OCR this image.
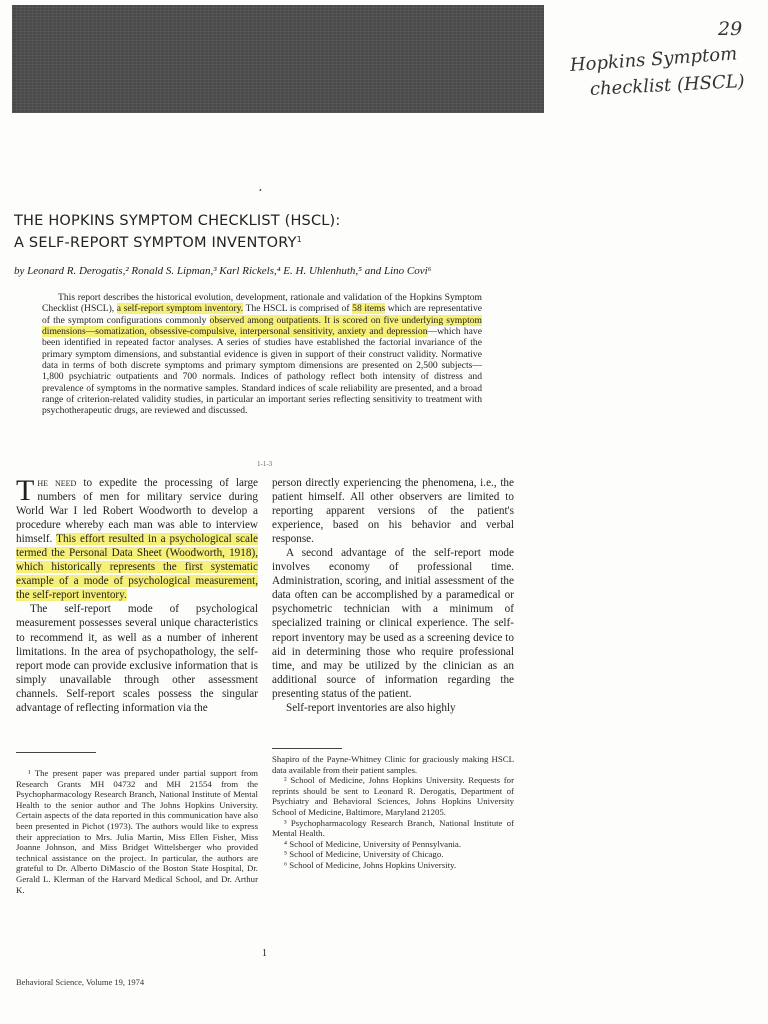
29
Hopkins Symptom
checklist (HSCL)
•
THE HOPKINS SYMPTOM CHECKLIST (HSCL):
A SELF-REPORT SYMPTOM INVENTORY$^1$
by Leonard R. Derogatis,² Ronald S. Lipman,³ Karl Rickels,⁴ E. H. Uhlenhuth,⁵ and Lino Covi⁶

This report describes the historical evolution, development, rationale and validation of the Hopkins Symptom Checklist (HSCL), a self-report symptom inventory. The HSCL is comprised of 58 items which are representative of the symptom configurations commonly observed among outpatients. It is scored on five underlying symptom dimensions—somatization, obsessive-compulsive, interpersonal sensitivity, anxiety and depression—which have been identified in repeated factor analyses. A series of studies have established the factorial invariance of the primary symptom dimensions, and substantial evidence is given in support of their construct validity. Normative data in terms of both discrete symptoms and primary symptom dimensions are presented on 2,500 subjects—1,800 psychiatric outpatients and 700 normals. Indices of pathology reflect both intensity of distress and prevalence of symptoms in the normative samples. Standard indices of scale reliability are presented, and a broad range of criterion-related validity studies, in particular an important series reflecting sensitivity to treatment with psychotherapeutic drugs, are reviewed and discussed.

1-1-3

The need to expedite the processing of large numbers of men for military service during World War I led Robert Woodworth to develop a procedure whereby each man was able to interview himself. This effort resulted in a psychological scale termed the Personal Data Sheet (Woodworth, 1918), which historically represents the first systematic example of a mode of psychological measurement, the self-report inventory.

The self-report mode of psychological measurement possesses several unique characteristics to recommend it, as well as a number of inherent limitations. In the area of psychopathology, the self-report mode can provide exclusive information that is simply unavailable through other assessment channels. Self-report scales possess the singular advantage of reflecting information via the

person directly experiencing the phenomena, i.e., the patient himself. All other observers are limited to reporting apparent versions of the patient's experience, based on his behavior and verbal response.

A second advantage of the self-report mode involves economy of professional time. Administration, scoring, and initial assessment of the data often can be accomplished by a paramedical or psychometric technician with a minimum of specialized training or clinical experience. The self-report inventory may be used as a screening device to aid in determining those who require professional time, and may be utilized by the clinician as an additional source of information regarding the presenting status of the patient.

Self-report inventories are also highly

¹ The present paper was prepared under partial support from Research Grants MH 04732 and MH 21554 from the Psychopharmacology Research Branch, National Institute of Mental Health to the senior author and The Johns Hopkins University. Certain aspects of the data reported in this communication have also been presented in Pichot (1973). The authors would like to express their appreciation to Mrs. Julia Martin, Miss Ellen Fisher, Miss Joanne Johnson, and Miss Bridget Wittelsberger who provided technical assistance on the project. In particular, the authors are grateful to Dr. Alberto DiMascio of the Boston State Hospital, Dr. Gerald L. Klerman of the Harvard Medical School, and Dr. Arthur K.

Shapiro of the Payne-Whitney Clinic for graciously making HSCL data available from their patient samples.

² School of Medicine, Johns Hopkins University. Requests for reprints should be sent to Leonard R. Derogatis, Department of Psychiatry and Behavioral Sciences, Johns Hopkins University School of Medicine, Baltimore, Maryland 21205.

³ Psychopharmacology Research Branch, National Institute of Mental Health.

⁴ School of Medicine, University of Pennsylvania.

⁵ School of Medicine, University of Chicago.

⁶ School of Medicine, Johns Hopkins University.

1
Behavioral Science, Volume 19, 1974
